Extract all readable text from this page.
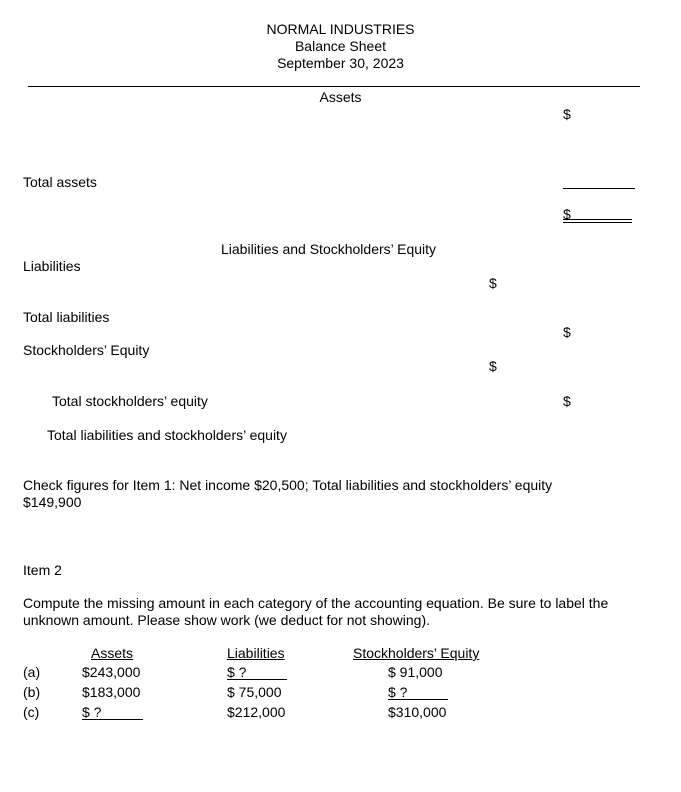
NORMAL INDUSTRIES
Balance Sheet
September 30, 2023
Assets
$
Total assets
$
Liabilities and Stockholders’ Equity
Liabilities
$
Total liabilities
$
Stockholders’ Equity
$
Total stockholders’ equity	$
Total liabilities and stockholders’ equity
Check figures for Item 1: Net income $20,500; Total liabilities and stockholders’ equity $149,900
Item 2
Compute the missing amount in each category of the accounting equation. Be sure to label the unknown amount. Please show work (we deduct for not showing).
Assets	Liabilities	Stockholders’ Equity
(a)	$243,000	$ ?	$ 91,000
(b)	$183,000	$ 75,000	$ ?
(c)	$ ?	$212,000	$310,000
